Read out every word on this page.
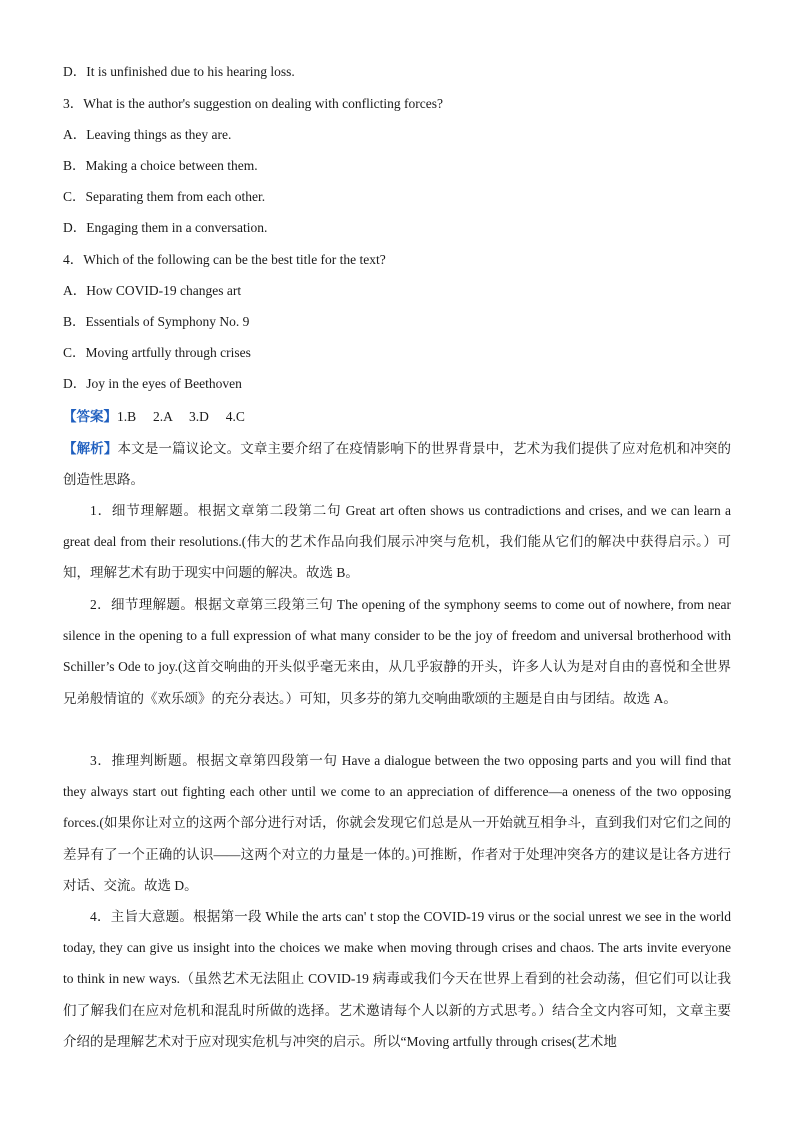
D．It is unfinished due to his hearing loss.
3．What is the author's suggestion on dealing with conflicting forces?
A．Leaving things as they are.
B．Making a choice between them.
C．Separating them from each other.
D．Engaging them in a conversation.
4．Which of the following can be the best title for the text?
A．How COVID-19 changes art
B．Essentials of Symphony No. 9
C．Moving artfully through crises
D．Joy in the eyes of Beethoven
【答案】1.B　 2.A　 3.D　 4.C
【解析】本文是一篇议论文。文章主要介绍了在疫情影响下的世界背景中，艺术为我们提供了应对危机和冲突的创造性思路。
1．细节理解题。根据文章第二段第二句 Great art often shows us contradictions and crises, and we can learn a great deal from their resolutions.(伟大的艺术作品向我们展示冲突与危机，我们能从它们的解决中获得启示。）可知，理解艺术有助于现实中问题的解决。故选 B。
2．细节理解题。根据文章第三段第三句 The opening of the symphony seems to come out of nowhere, from near silence in the opening to a full expression of what many consider to be the joy of freedom and universal brotherhood with Schiller’s Ode to joy.(这首交响曲的开头似乎毫无来由，从几乎寂静的开头，许多人认为是对自由的喜悦和全世界兄弟般情谊的《欢乐颂》的充分表达。）可知，贝多芬的第九交响曲歌颂的主题是自由与团结。故选 A。
3．推理判断题。根据文章第四段第一句 Have a dialogue between the two opposing parts and you will find that they always start out fighting each other until we come to an appreciation of difference—a oneness of the two opposing forces.(如果你让对立的这两个部分进行对话，你就会发现它们总是从一开始就互相争斗，直到我们对它们之间的差异有了一个正确的认识——这两个对立的力量是一体的。)可推断，作者对于处理冲突各方的建议是让各方进行对话、交流。故选 D。
4．主旨大意题。根据第一段 While the arts can' t stop the COVID-19 virus or the social unrest we see in the world today, they can give us insight into the choices we make when moving through crises and chaos. The arts invite everyone to think in new ways.（虽然艺术无法阻止 COVID-19 病毒或我们今天在世界上看到的社会动荡，但它们可以让我们了解我们在应对危机和混乱时所做的选择。艺术邀请每个人以新的方式思考。）结合全文内容可知，文章主要介绍的是理解艺术对于应对现实危机与冲突的启示。所以“Moving artfully through crises(艺术地
